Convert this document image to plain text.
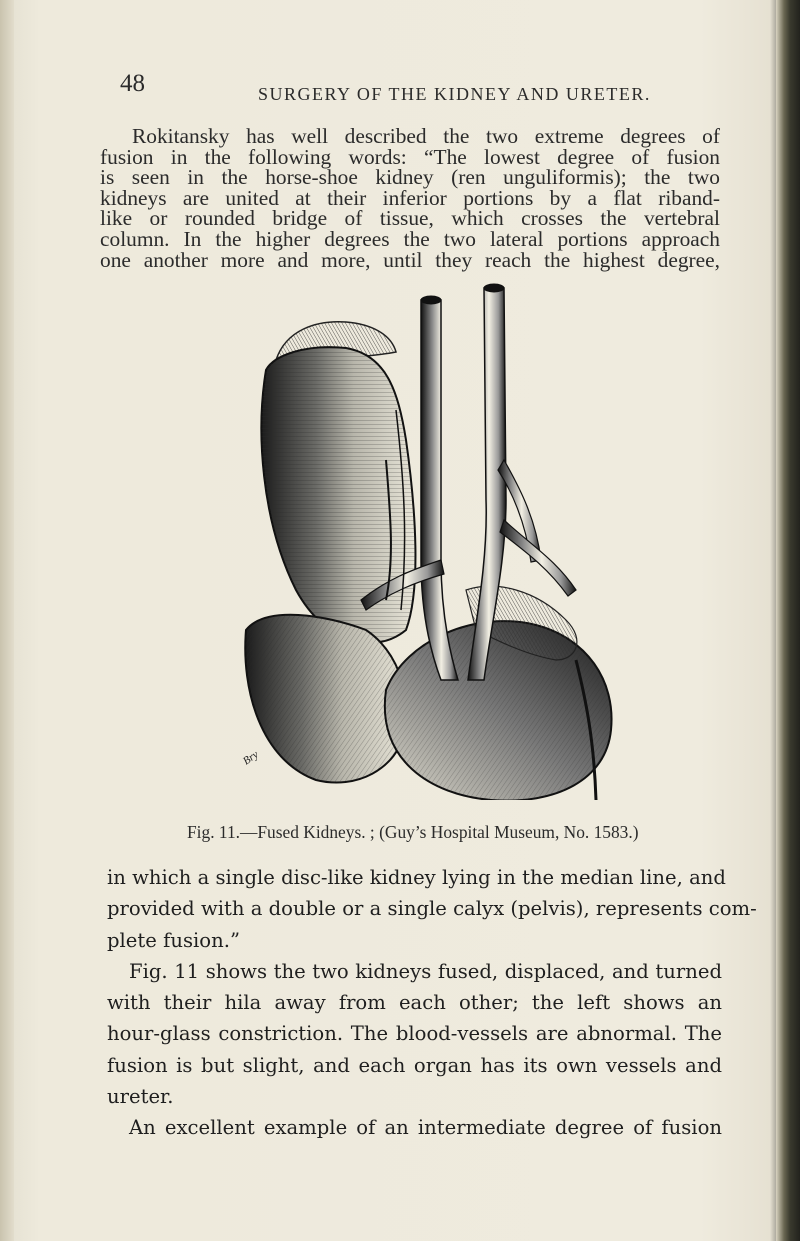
48	SURGERY OF THE KIDNEY AND URETER.
Rokitansky has well described the two extreme degrees of
fusion in the following words: “The lowest degree of fusion
is seen in the horse-shoe kidney (ren unguliformis); the two
kidneys are united at their inferior portions by a flat riband-
like or rounded bridge of tissue, which crosses the vertebral
column. In the higher degrees the two lateral portions approach
one another more and more, until they reach the highest degree,
Bry
Fig. 11.—Fused Kidneys. ; (Guy’s Hospital Museum, No. 1583.)
in which a single disc-like kidney lying in the median line, and
provided with a double or a single calyx (pelvis), represents com-
plete fusion.”
Fig. 11 shows the two kidneys fused, displaced, and turned
with their hila away from each other; the left shows an
hour-glass constriction. The blood-vessels are abnormal. The
fusion is but slight, and each organ has its own vessels and
ureter.
An excellent example of an intermediate degree of fusion
